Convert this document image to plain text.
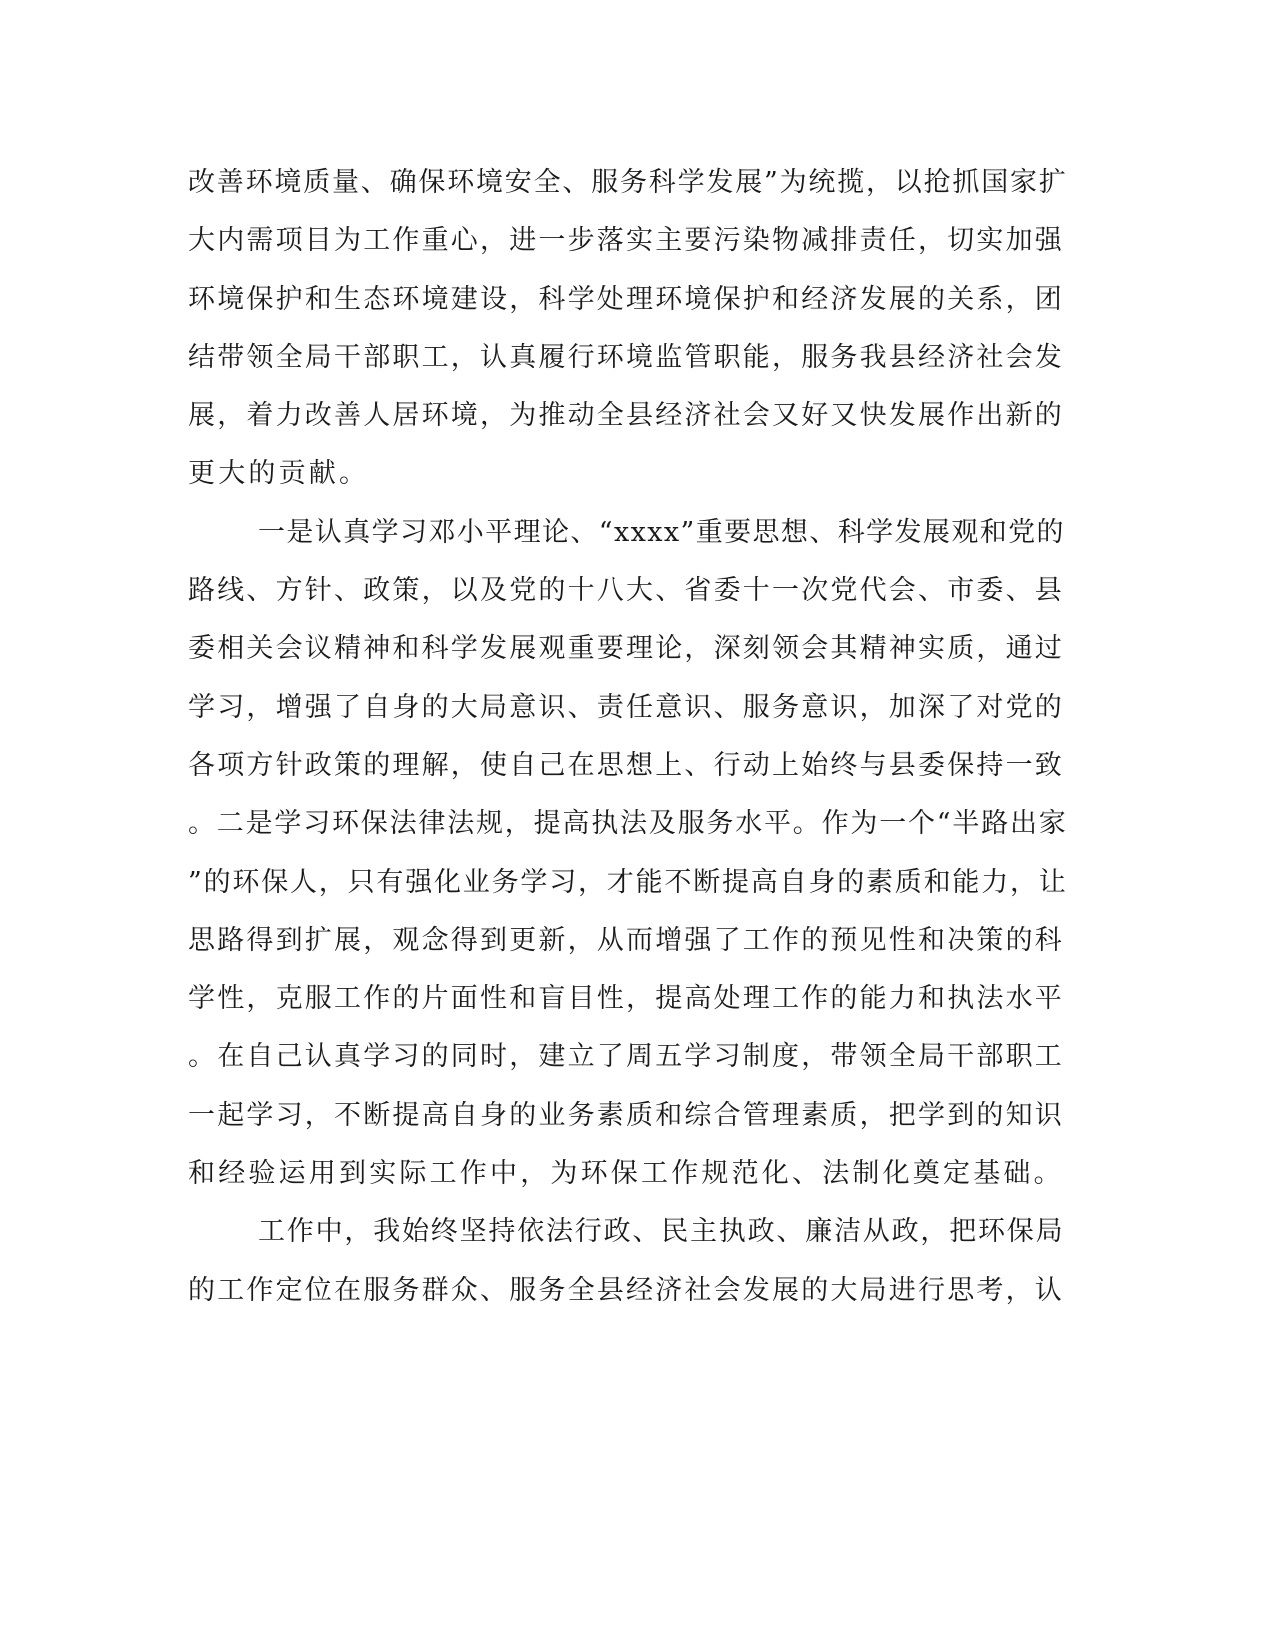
改善环境质量、确保环境安全、服务科学发展”为统揽，以抢抓国家扩
大内需项目为工作重心，进一步落实主要污染物减排责任，切实加强
环境保护和生态环境建设，科学处理环境保护和经济发展的关系，团
结带领全局干部职工，认真履行环境监管职能，服务我县经济社会发
展，着力改善人居环境，为推动全县经济社会又好又快发展作出新的
更大的贡献。
一是认真学习邓小平理论、“xxxx”重要思想、科学发展观和党的
路线、方针、政策，以及党的十八大、省委十一次党代会、市委、县
委相关会议精神和科学发展观重要理论，深刻领会其精神实质，通过
学习，增强了自身的大局意识、责任意识、服务意识，加深了对党的
各项方针政策的理解，使自己在思想上、行动上始终与县委保持一致
。二是学习环保法律法规，提高执法及服务水平。作为一个“半路出家
”的环保人，只有强化业务学习，才能不断提高自身的素质和能力，让
思路得到扩展，观念得到更新，从而增强了工作的预见性和决策的科
学性，克服工作的片面性和盲目性，提高处理工作的能力和执法水平
。在自己认真学习的同时，建立了周五学习制度，带领全局干部职工
一起学习，不断提高自身的业务素质和综合管理素质，把学到的知识
和经验运用到实际工作中，为环保工作规范化、法制化奠定基础。
工作中，我始终坚持依法行政、民主执政、廉洁从政，把环保局
的工作定位在服务群众、服务全县经济社会发展的大局进行思考，认
